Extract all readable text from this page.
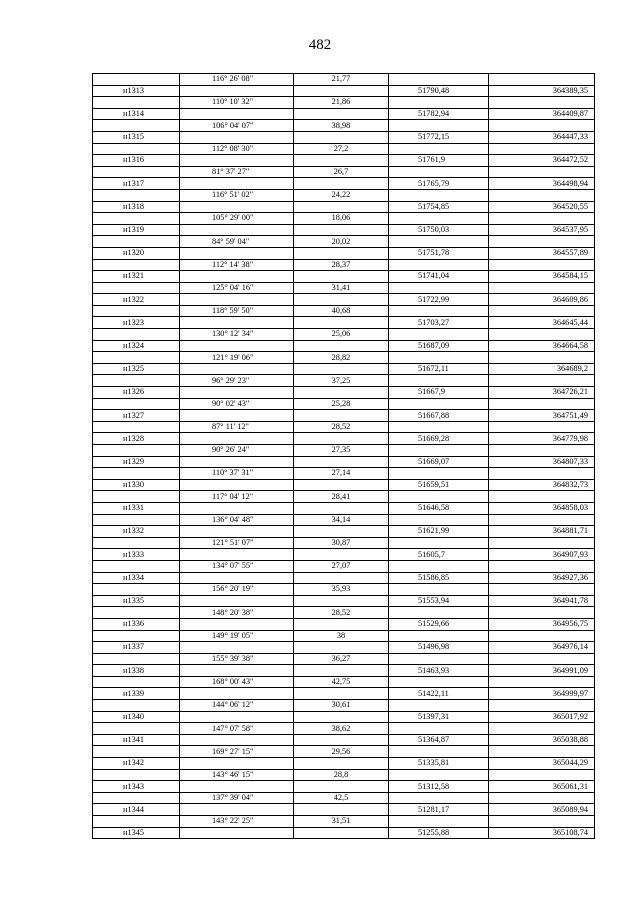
482
	116° 26' 08"	21,77		
н1313			51790,48	364389,35
	110° 10' 32"	21,86		
н1314			51782,94	364409,87
	106° 04' 07"	38,98		
н1315			51772,15	364447,33
	112° 08' 30"	27,2		
н1316			51761,9	364472,52
	81° 37' 27"	26,7		
н1317			51765,79	364498,94
	116° 51' 02"	24,22		
н1318			51754,85	364520,55
	105° 29' 00"	18,06		
н1319			51750,03	364537,95
	84° 59' 04"	20,02		
н1320			51751,78	364557,89
	112° 14' 38"	28,37		
н1321			51741,04	364584,15
	125° 04' 16"	31,41		
н1322			51722,99	364609,86
	118° 59' 50"	40,68		
н1323			51703,27	364645,44
	130° 12' 34"	25,06		
н1324			51687,09	364664,58
	121° 19' 06"	28,82		
н1325			51672,11	364689,2
	96° 29' 23"	37,25		
н1326			51667,9	364726,21
	90° 02' 43"	25,28		
н1327			51667,88	364751,49
	87° 11' 12"	28,52		
н1328			51669,28	364779,98
	90° 26' 24"	27,35		
н1329			51669,07	364807,33
	110° 37' 31"	27,14		
н1330			51659,51	364832,73
	117° 04' 12"	28,41		
н1331			51646,58	364858,03
	136° 04' 48"	34,14		
н1332			51621,99	364881,71
	121° 51' 07"	30,87		
н1333			51605,7	364907,93
	134° 07' 55"	27,07		
н1334			51586,85	364927,36
	156° 20' 19"	35,93		
н1335			51553,94	364941,78
	148° 20' 38"	28,52		
н1336			51529,66	364956,75
	149° 19' 05"	38		
н1337			51496,98	364976,14
	155° 39' 38"	36,27		
н1338			51463,93	364991,09
	168° 00' 43"	42,75		
н1339			51422,11	364999,97
	144° 06' 12"	30,61		
н1340			51397,31	365017,92
	147° 07' 58"	38,62		
н1341			51364,87	365038,88
	169° 27' 15"	29,56		
н1342			51335,81	365044,29
	143° 46' 15"	28,8		
н1343			51312,58	365061,31
	137° 39' 04"	42,5		
н1344			51281,17	365089,94
	143° 22' 25"	31,51		
н1345			51255,88	365108,74
